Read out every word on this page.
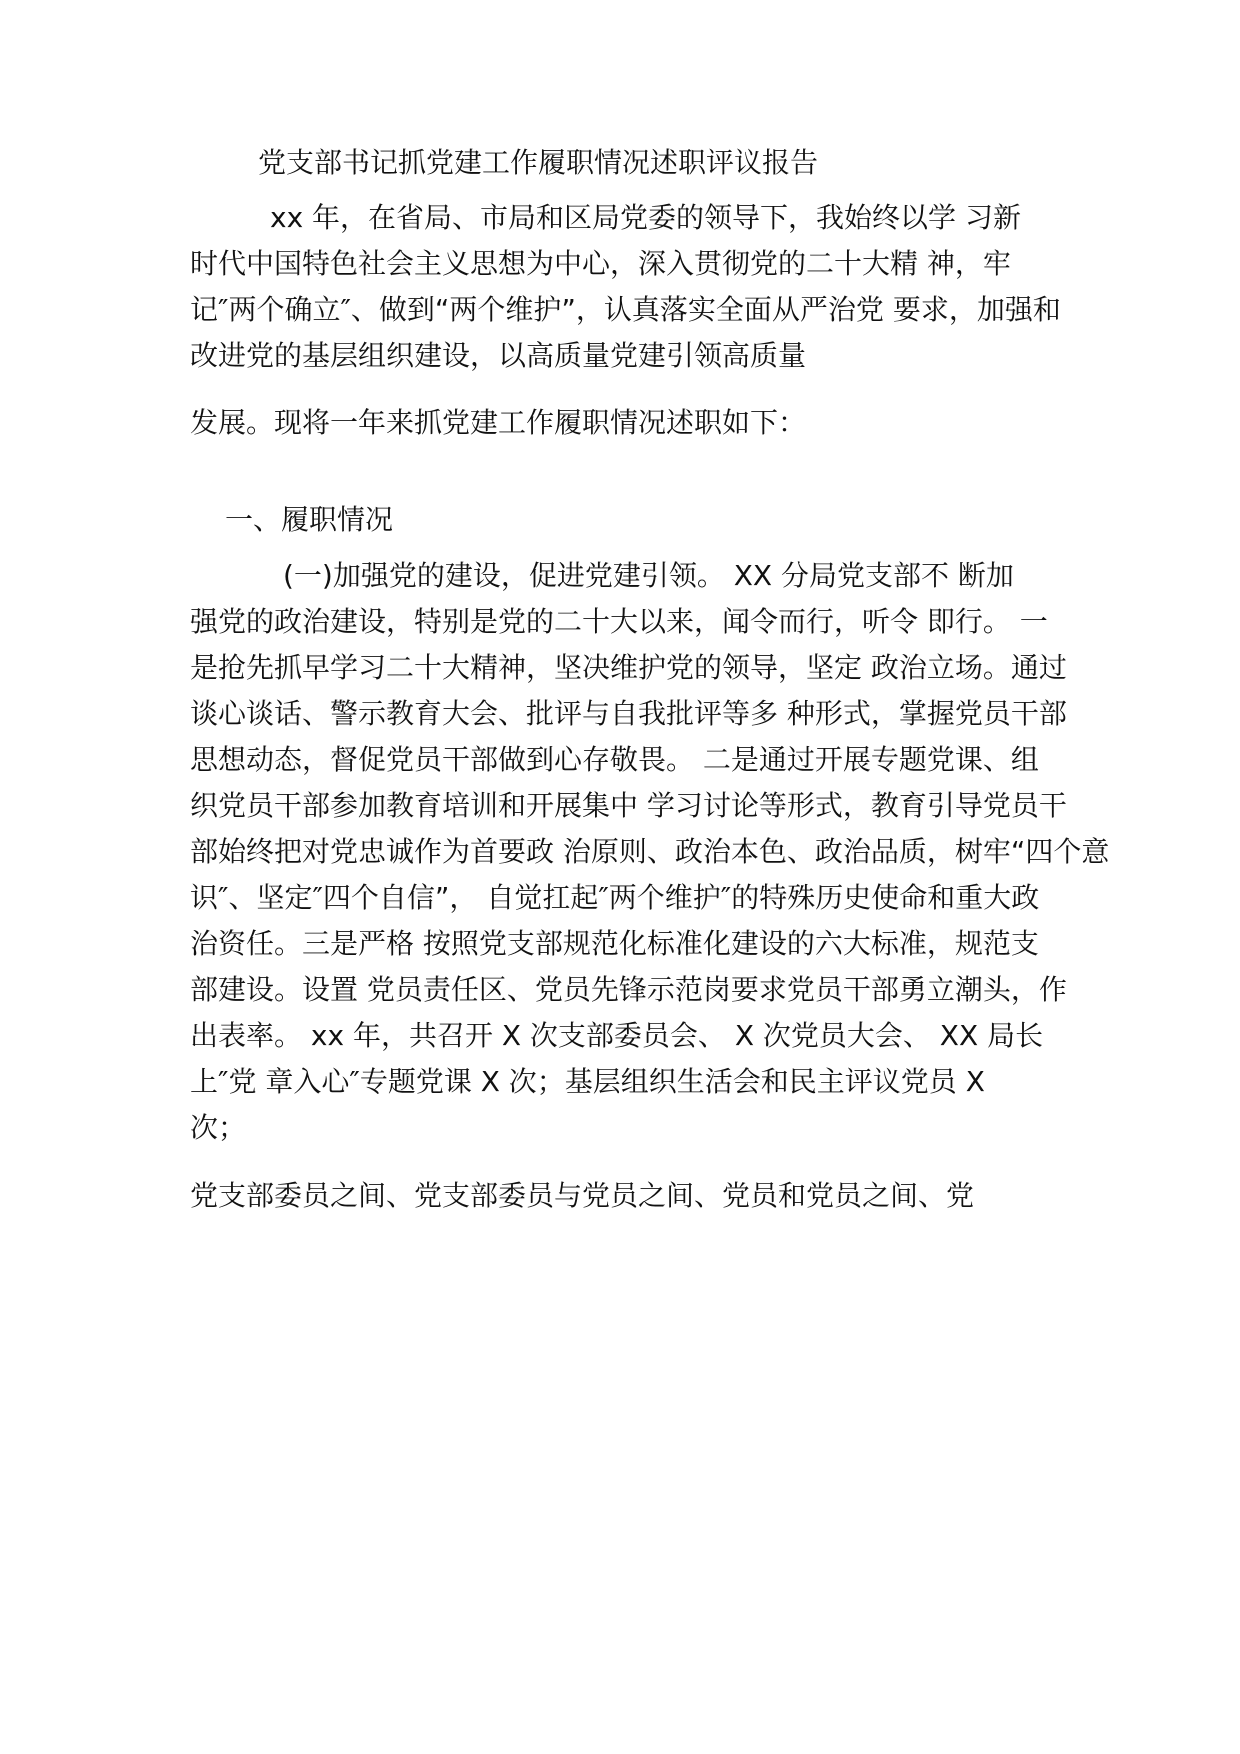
党支部书记抓党建工作履职情况述职评议报告
xx 年，在省局、市局和区局党委的领导下，我始终以学 习新
时代中国特色社会主义思想为中心，深入贯彻党的二十大精 神，牢
记″两个确立″、做到“两个维护”，认真落实全面从严治党 要求，加强和
改进党的基层组织建设，以高质量党建引领高质量
发展。现将一年来抓党建工作履职情况述职如下：
一、履职情况
(一)加强党的建设，促进党建引领。 XX 分局党支部不 断加
强党的政治建设，特别是党的二十大以来，闻令而行，听令 即行。 一
是抢先抓早学习二十大精神，坚决维护党的领导，坚定 政治立场。通过
谈心谈话、警示教育大会、批评与自我批评等多 种形式，掌握党员干部
思想动态，督促党员干部做到心存敬畏。 二是通过开展专题党课、组
织党员干部参加教育培训和开展集中 学习讨论等形式，教育引导党员干
部始终把对党忠诚作为首要政 治原则、政治本色、政治品质，树牢“四个意
识″、坚定″四个自信”， 自觉扛起″两个维护″的特殊历史使命和重大政
治资任。三是严格 按照党支部规范化标准化建设的六大标准，规范支
部建设。设置 党员责任区、党员先锋示范岗要求党员干部勇立潮头，作
出表率。 xx 年，共召开 X 次支部委员会、 X 次党员大会、 XX 局长
上″党 章入心″专题党课 X 次；基层组织生活会和民主评议党员 X
次；
党支部委员之间、党支部委员与党员之间、党员和党员之间、党
